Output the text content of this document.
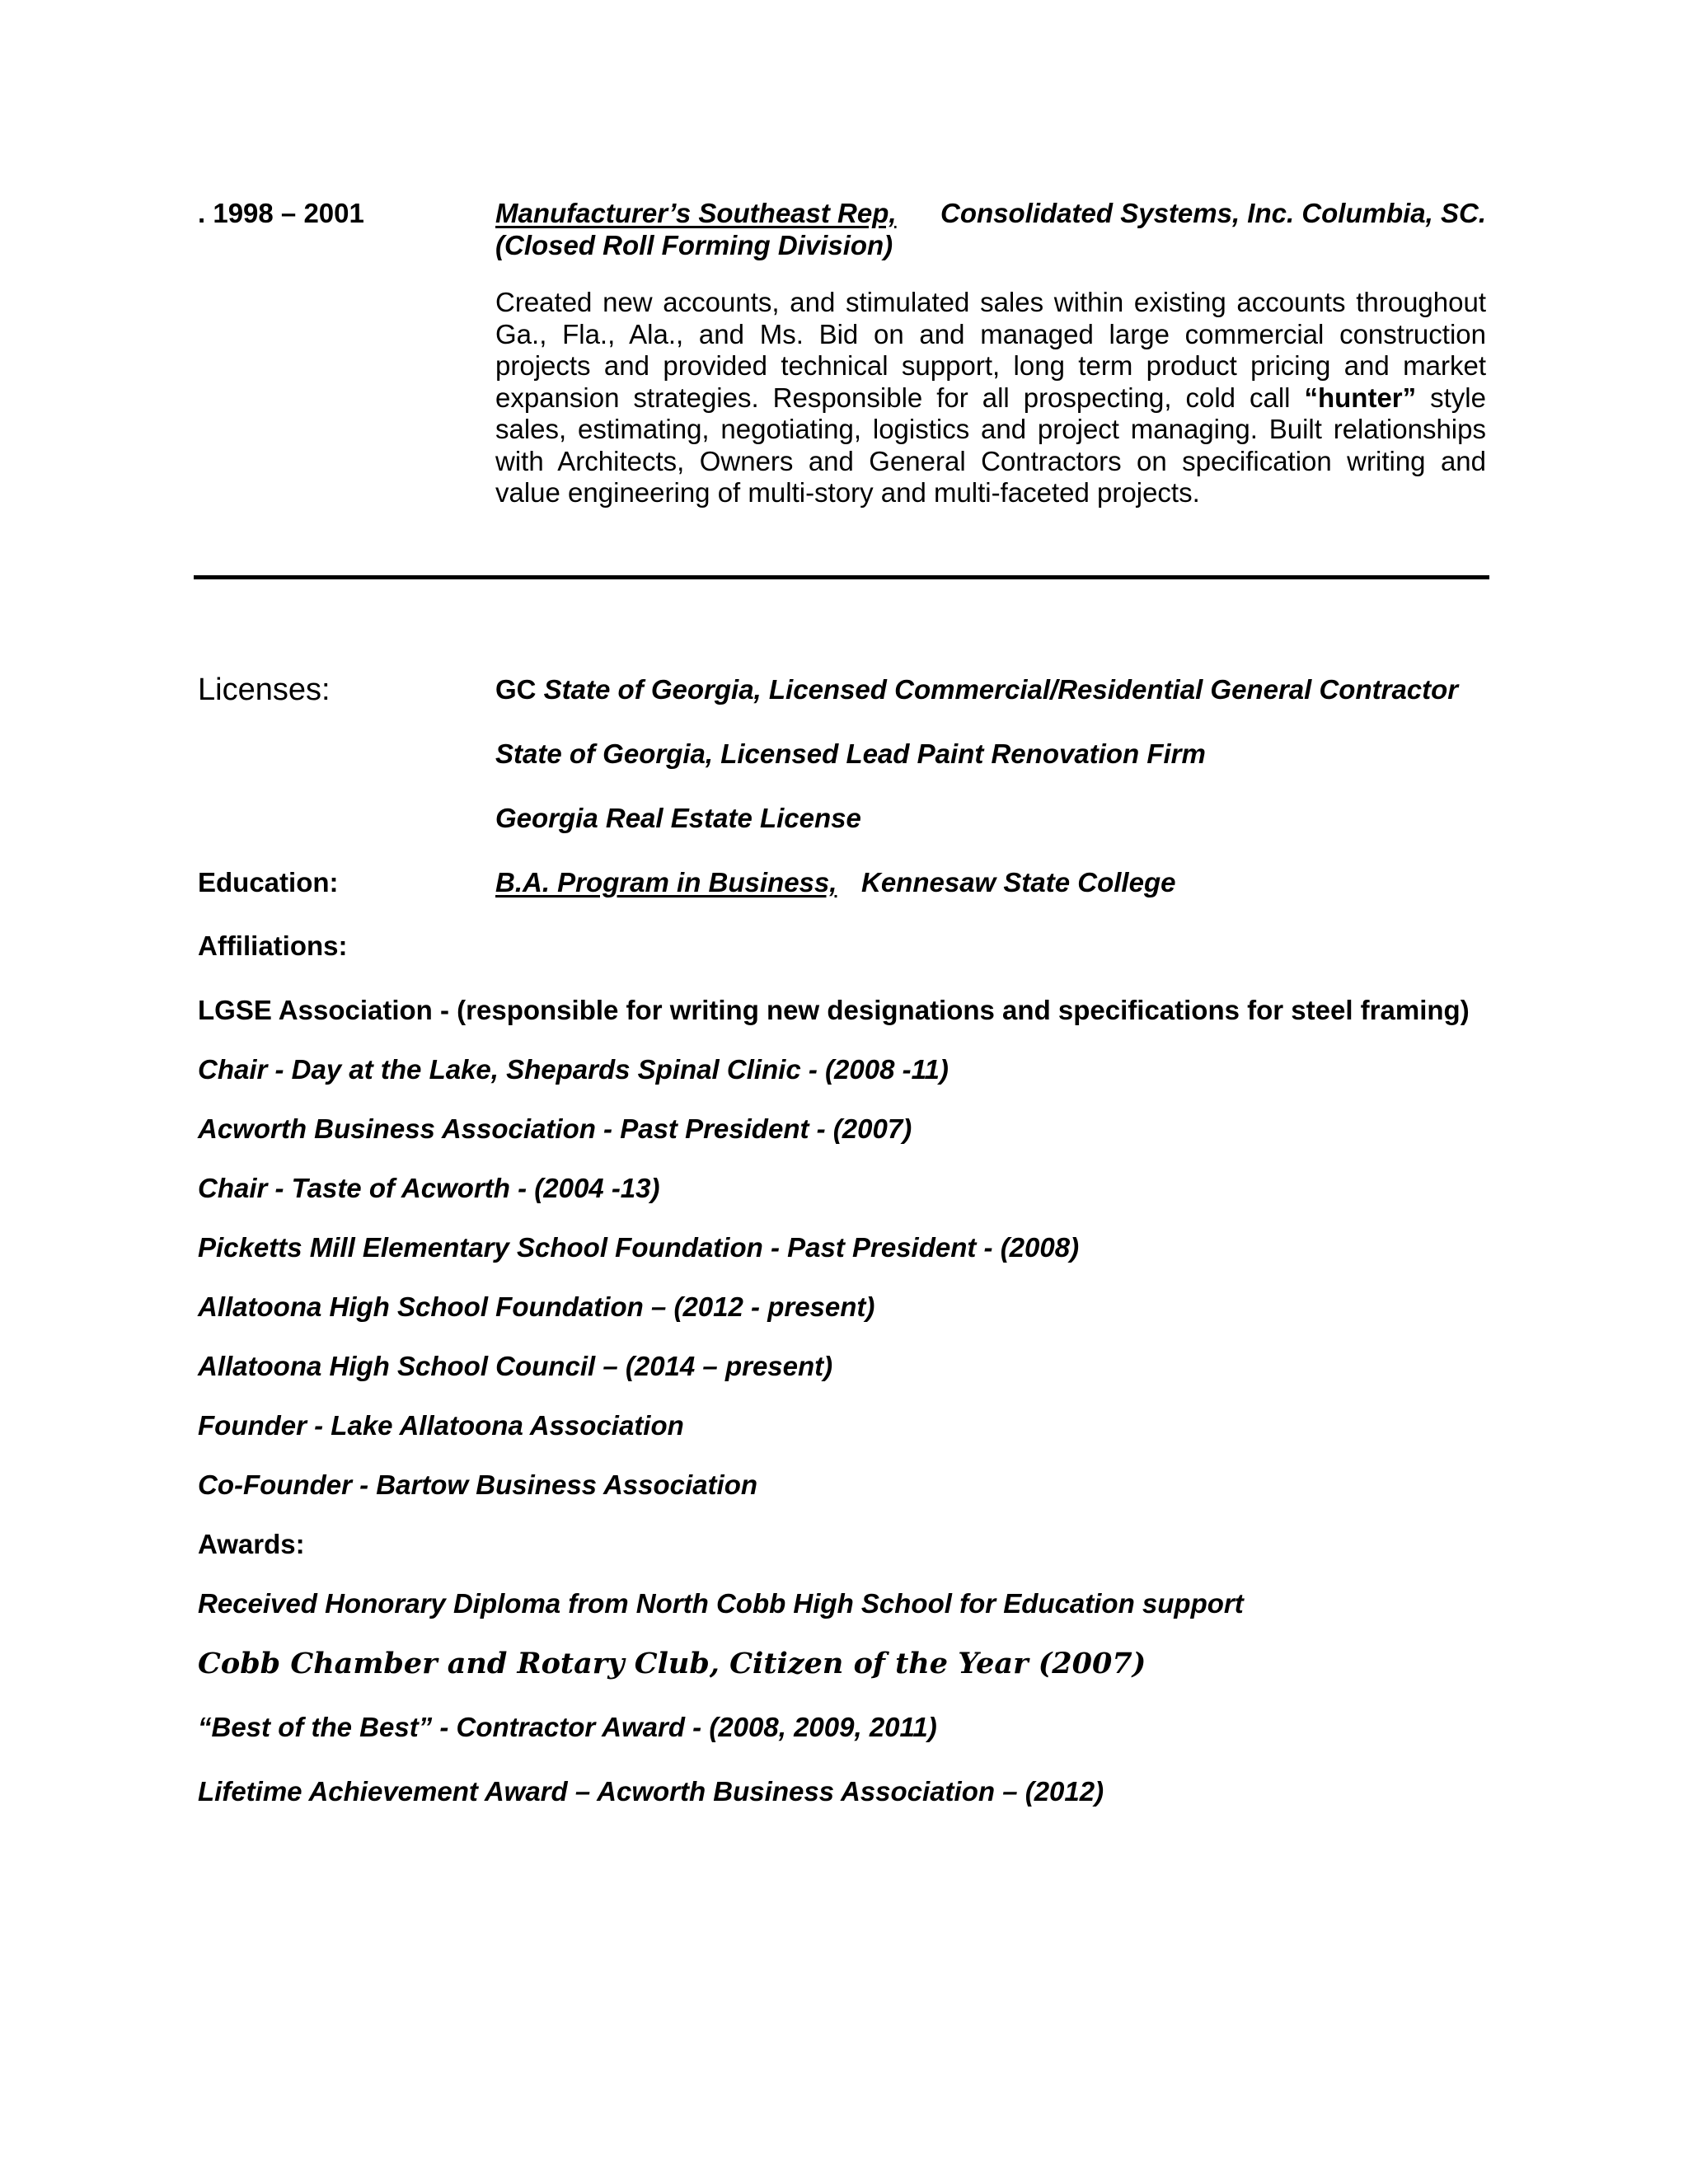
. 1998 – 2001	Manufacturer’s Southeast Rep, Consolidated Systems, Inc. Columbia, SC.
(Closed Roll Forming Division)

Created new accounts, and stimulated sales within existing accounts throughout Ga., Fla., Ala., and Ms. Bid on and managed large commercial construction projects and provided technical support, long term product pricing and market expansion strategies. Responsible for all prospecting, cold call “hunter” style sales, estimating, negotiating, logistics and project managing. Built relationships with Architects, Owners and General Contractors on specification writing and value engineering of multi-story and multi-faceted projects.

Licenses:	GC State of Georgia, Licensed Commercial/Residential General Contractor
State of Georgia, Licensed Lead Paint Renovation Firm
Georgia Real Estate License
Education:	B.A. Program in Business, Kennesaw State College
Affiliations:
LGSE Association - (responsible for writing new designations and specifications for steel framing)
Chair - Day at the Lake, Shepards Spinal Clinic - (2008 -11)
Acworth Business Association - Past President - (2007)
Chair - Taste of Acworth - (2004 -13)
Picketts Mill Elementary School Foundation - Past President - (2008)
Allatoona High School Foundation – (2012 - present)
Allatoona High School Council – (2014 – present)
Founder - Lake Allatoona Association
Co-Founder - Bartow Business Association
Awards:
Received Honorary Diploma from North Cobb High School for Education support
Cobb Chamber and Rotary Club, Citizen of the Year (2007)
“Best of the Best” - Contractor Award - (2008, 2009, 2011)
Lifetime Achievement Award – Acworth Business Association – (2012)
